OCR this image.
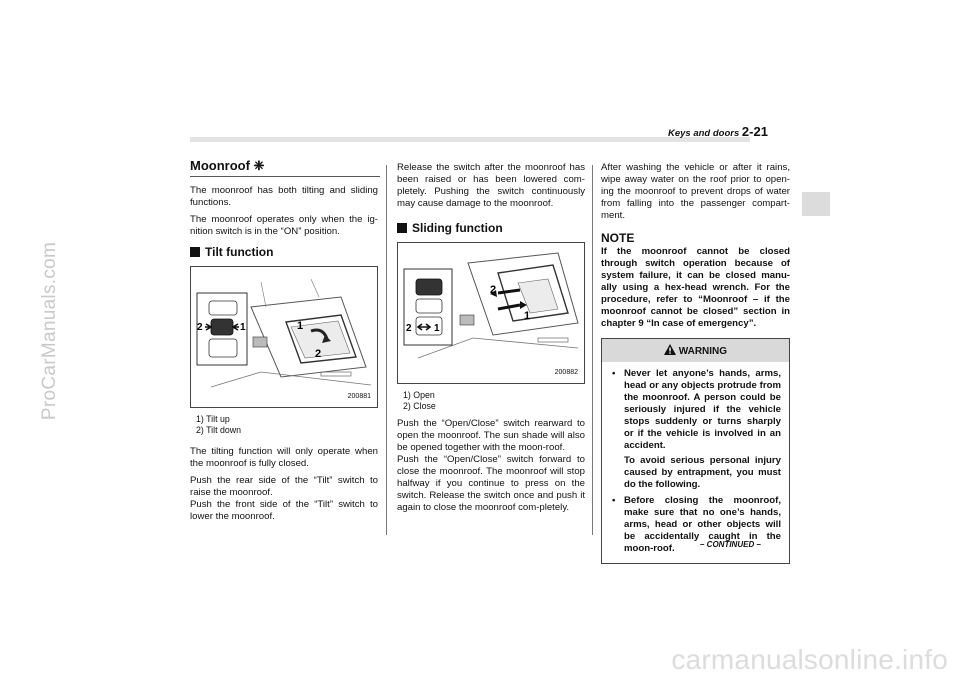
ProCarManuals.com
carmanualsonline.info
Keys and doors 2-21
Moonroof ❈

The moonroof has both tilting and sliding functions.

The moonroof operates only when the ig-nition switch is in the “ON” position.

Tilt function
1
2
2	1
200881
1) Tilt up
2) Tilt down

The tilting function will only operate when the moonroof is fully closed.

Push the rear side of the “Tilt” switch to raise the moonroof.

Push the front side of the “Tilt” switch to lower the moonroof.

Release the switch after the moonroof has been raised or has been lowered com-pletely. Pushing the switch continuously may cause damage to the moonroof.

Sliding function
2
1
2 1
200882
1) Open
2) Close

Push the “Open/Close” switch rearward to open the moonroof. The sun shade will also be opened together with the moon-roof.

Push the “Open/Close” switch forward to close the moonroof. The moonroof will stop halfway if you continue to press on the switch. Release the switch once and push it again to close the moonroof com-pletely.

After washing the vehicle or after it rains, wipe away water on the roof prior to open-ing the moonroof to prevent drops of water from falling into the passenger compart-ment.

NOTE
If the moonroof cannot be closed through switch operation because of system failure, it can be closed manu-ally using a hex-head wrench. For the procedure, refer to “Moonroof – if the moonroof cannot be closed” section in chapter 9 “In case of emergency”.
WARNING
• Never let anyone’s hands, arms, head or any objects protrude from the moonroof. A person could be seriously injured if the vehicle stops suddenly or turns sharply or if the vehicle is involved in an accident.
To avoid serious personal injury caused by entrapment, you must do the following.
• Before closing the moonroof, make sure that no one’s hands, arms, head or other objects will be accidentally caught in the moon-roof.	– CONTINUED –
